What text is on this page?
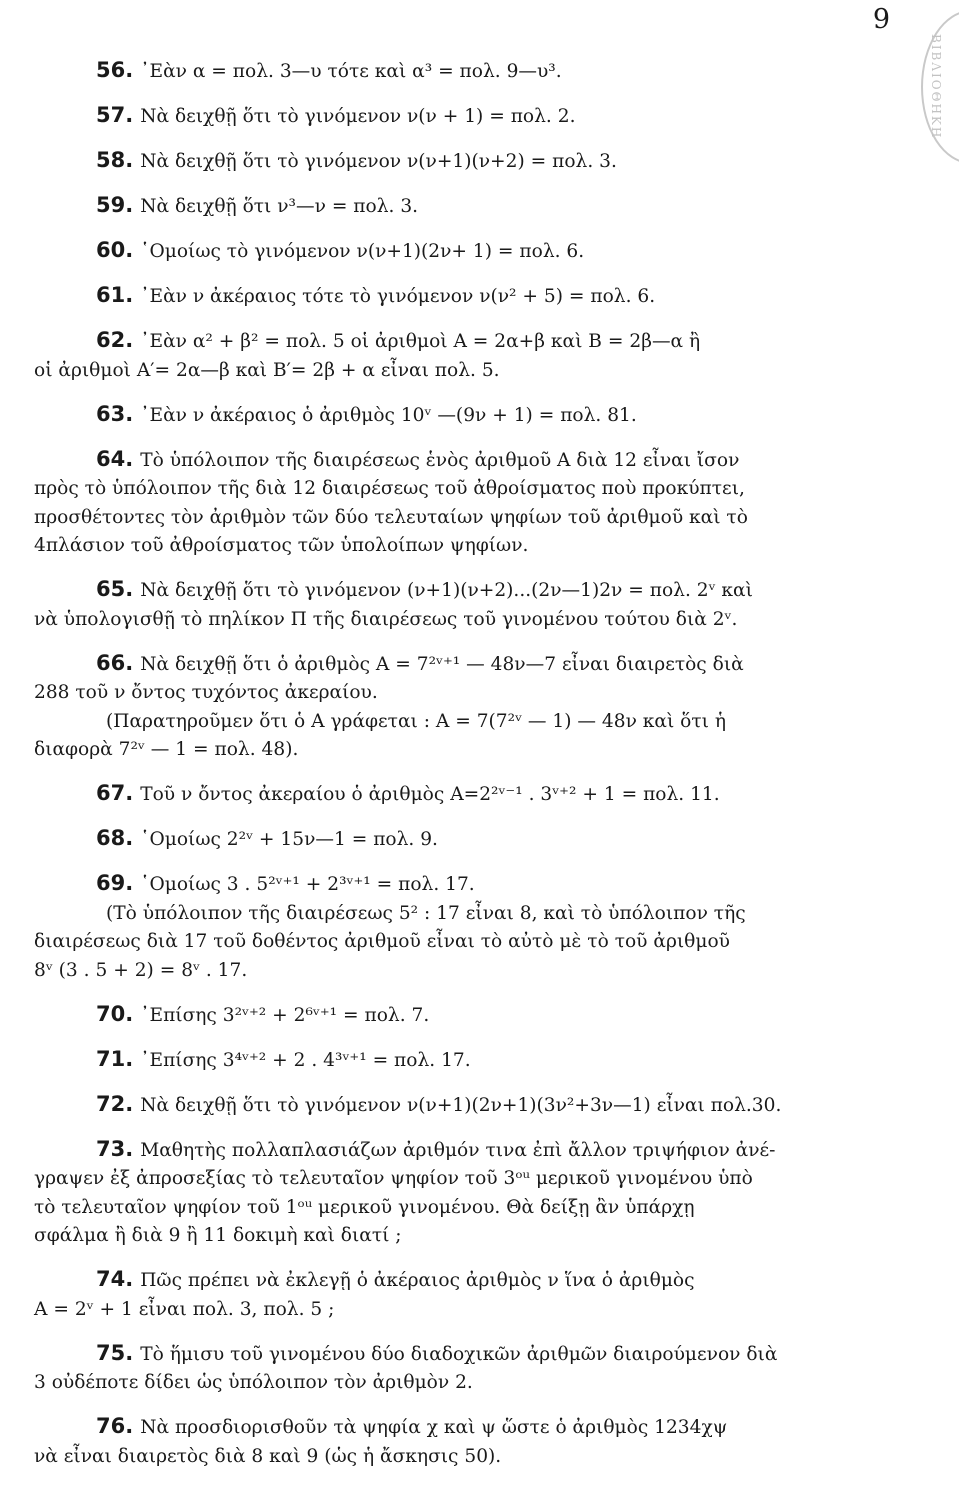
ΒΙΒΛΙΟΘΗΚΗ
9
56. ᾽Εὰν α = πολ. 3—υ τότε καὶ α³ = πολ. 9—υ³.
57. Νὰ δειχθῇ ὅτι τὸ γινόμενον ν(ν + 1) = πολ. 2.
58. Νὰ δειχθῇ ὅτι τὸ γινόμενον ν(ν+1)(ν+2) = πολ. 3.
59. Νὰ δειχθῇ ὅτι ν³—ν = πολ. 3.
60. ῾Ομοίως τὸ γινόμενον ν(ν+1)(2ν+ 1) = πολ. 6.
61. ᾽Εὰν ν ἀκέραιος τότε τὸ γινόμενον ν(ν² + 5) = πολ. 6.
62. ᾽Εὰν α² + β² = πολ. 5 οἱ ἀριθμοὶ A = 2α+β καὶ B = 2β—α ἢ
οἱ ἀριθμοὶ A′= 2α—β καὶ B′= 2β + α εἶναι πολ. 5.
63. ᾽Εὰν ν ἀκέραιος ὁ ἀριθμὸς 10ᵛ —(9ν + 1) = πολ. 81.
64. Τὸ ὑπόλοιπον τῆς διαιρέσεως ἑνὸς ἀριθμοῦ A διὰ 12 εἶναι ἴσον
πρὸς τὸ ὑπόλοιπον τῆς διὰ 12 διαιρέσεως τοῦ ἀθροίσματος ποὺ προκύπτει,
προσθέτοντες τὸν ἀριθμὸν τῶν δύο τελευταίων ψηφίων τοῦ ἀριθμοῦ καὶ τὸ
4πλάσιον τοῦ ἀθροίσματος τῶν ὑπολοίπων ψηφίων.
65. Νὰ δειχθῇ ὅτι τὸ γινόμενον (ν+1)(ν+2)...(2ν—1)2ν = πολ. 2ᵛ καὶ
νὰ ὑπολογισθῇ τὸ πηλίκον Π τῆς διαιρέσεως τοῦ γινομένου τούτου διὰ 2ᵛ.
66. Νὰ δειχθῇ ὅτι ὁ ἀριθμὸς A = 7²ᵛ⁺¹ — 48ν—7 εἶναι διαιρετὸς διὰ
288 τοῦ ν ὄντος τυχόντος ἀκεραίου.
(Παρατηροῦμεν ὅτι ὁ A γράφεται : A = 7(7²ᵛ — 1) — 48ν καὶ ὅτι ἡ
διαφορὰ 7²ᵛ — 1 = πολ. 48).
67. Τοῦ ν ὄντος ἀκεραίου ὁ ἀριθμὸς A=2²ᵛ⁻¹ . 3ᵛ⁺² + 1 = πολ. 11.
68. ῾Ομοίως 2²ᵛ + 15ν—1 = πολ. 9.
69. ῾Ομοίως 3 . 5²ᵛ⁺¹ + 2³ᵛ⁺¹ = πολ. 17.
(Τὸ ὑπόλοιπον τῆς διαιρέσεως 5² : 17 εἶναι 8, καὶ τὸ ὑπόλοιπον τῆς
διαιρέσεως διὰ 17 τοῦ δοθέντος ἀριθμοῦ εἶναι τὸ αὐτὸ μὲ τὸ τοῦ ἀριθμοῦ
8ᵛ (3 . 5 + 2) = 8ᵛ . 17.
70. ᾽Επίσης 3²ᵛ⁺² + 2⁶ᵛ⁺¹ = πολ. 7.
71. ᾽Επίσης 3⁴ᵛ⁺² + 2 . 4³ᵛ⁺¹ = πολ. 17.
72. Νὰ δειχθῇ ὅτι τὸ γινόμενον ν(ν+1)(2ν+1)(3ν²+3ν—1) εἶναι πολ.30.
73. Μαθητὴς πολλαπλασιάζων ἀριθμόν τινα ἐπὶ ἄλλον τριψήφιον ἀνέ-
γραψεν ἐξ ἀπροσεξίας τὸ τελευταῖον ψηφίον τοῦ 3ᵒᵘ μερικοῦ γινομένου ὑπὸ
τὸ τελευταῖον ψηφίον τοῦ 1ᵒᵘ μερικοῦ γινομένου. Θὰ δείξῃ ἂν ὑπάρχῃ
σφάλμα ἢ διὰ 9 ἢ 11 δοκιμὴ καὶ διατί ;
74. Πῶς πρέπει νὰ ἐκλεγῇ ὁ ἀκέραιος ἀριθμὸς ν ἵνα ὁ ἀριθμὸς
A = 2ᵛ + 1 εἶναι πολ. 3, πολ. 5 ;
75. Τὸ ἥμισυ τοῦ γινομένου δύο διαδοχικῶν ἀριθμῶν διαιρούμενον διὰ
3 οὐδέποτε δίδει ὡς ὑπόλοιπον τὸν ἀριθμὸν 2.
76. Νὰ προσδιορισθοῦν τὰ ψηφία χ καὶ ψ ὥστε ὁ ἀριθμὸς 1234χψ
νὰ εἶναι διαιρετὸς διὰ 8 καὶ 9 (ὡς ἡ ἄσκησις 50).
